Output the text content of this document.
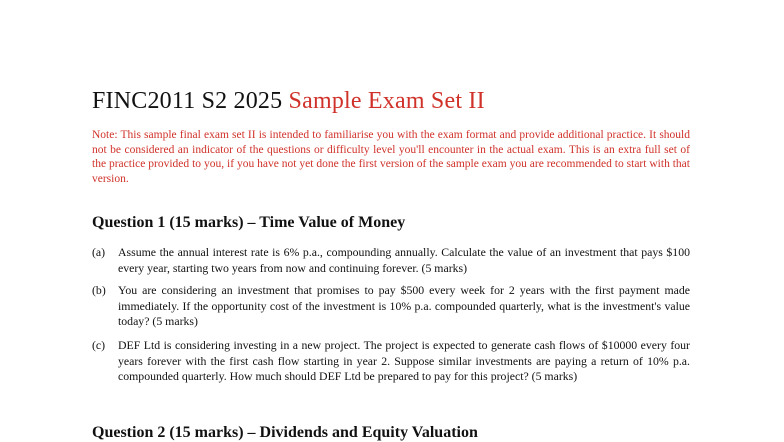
FINC2011 S2 2025 Sample Exam Set II

Note: This sample final exam set II is intended to familiarise you with the exam format and provide additional practice. It should not be considered an indicator of the questions or difficulty level you'll encounter in the actual exam. This is an extra full set of the practice provided to you, if you have not yet done the first version of the sample exam you are recommended to start with that version.

Question 1 (15 marks) – Time Value of Money
(a) Assume the annual interest rate is 6% p.a., compounding annually. Calculate the value of an investment that pays $100 every year, starting two years from now and continuing forever. (5 marks)
(b) You are considering an investment that promises to pay $500 every week for 2 years with the first payment made immediately. If the opportunity cost of the investment is 10% p.a. compounded quarterly, what is the investment's value today? (5 marks)
(c) DEF Ltd is considering investing in a new project. The project is expected to generate cash flows of $10000 every four years forever with the first cash flow starting in year 2. Suppose similar investments are paying a return of 10% p.a. compounded quarterly. How much should DEF Ltd be prepared to pay for this project? (5 marks)
Question 2 (15 marks) – Dividends and Equity Valuation
